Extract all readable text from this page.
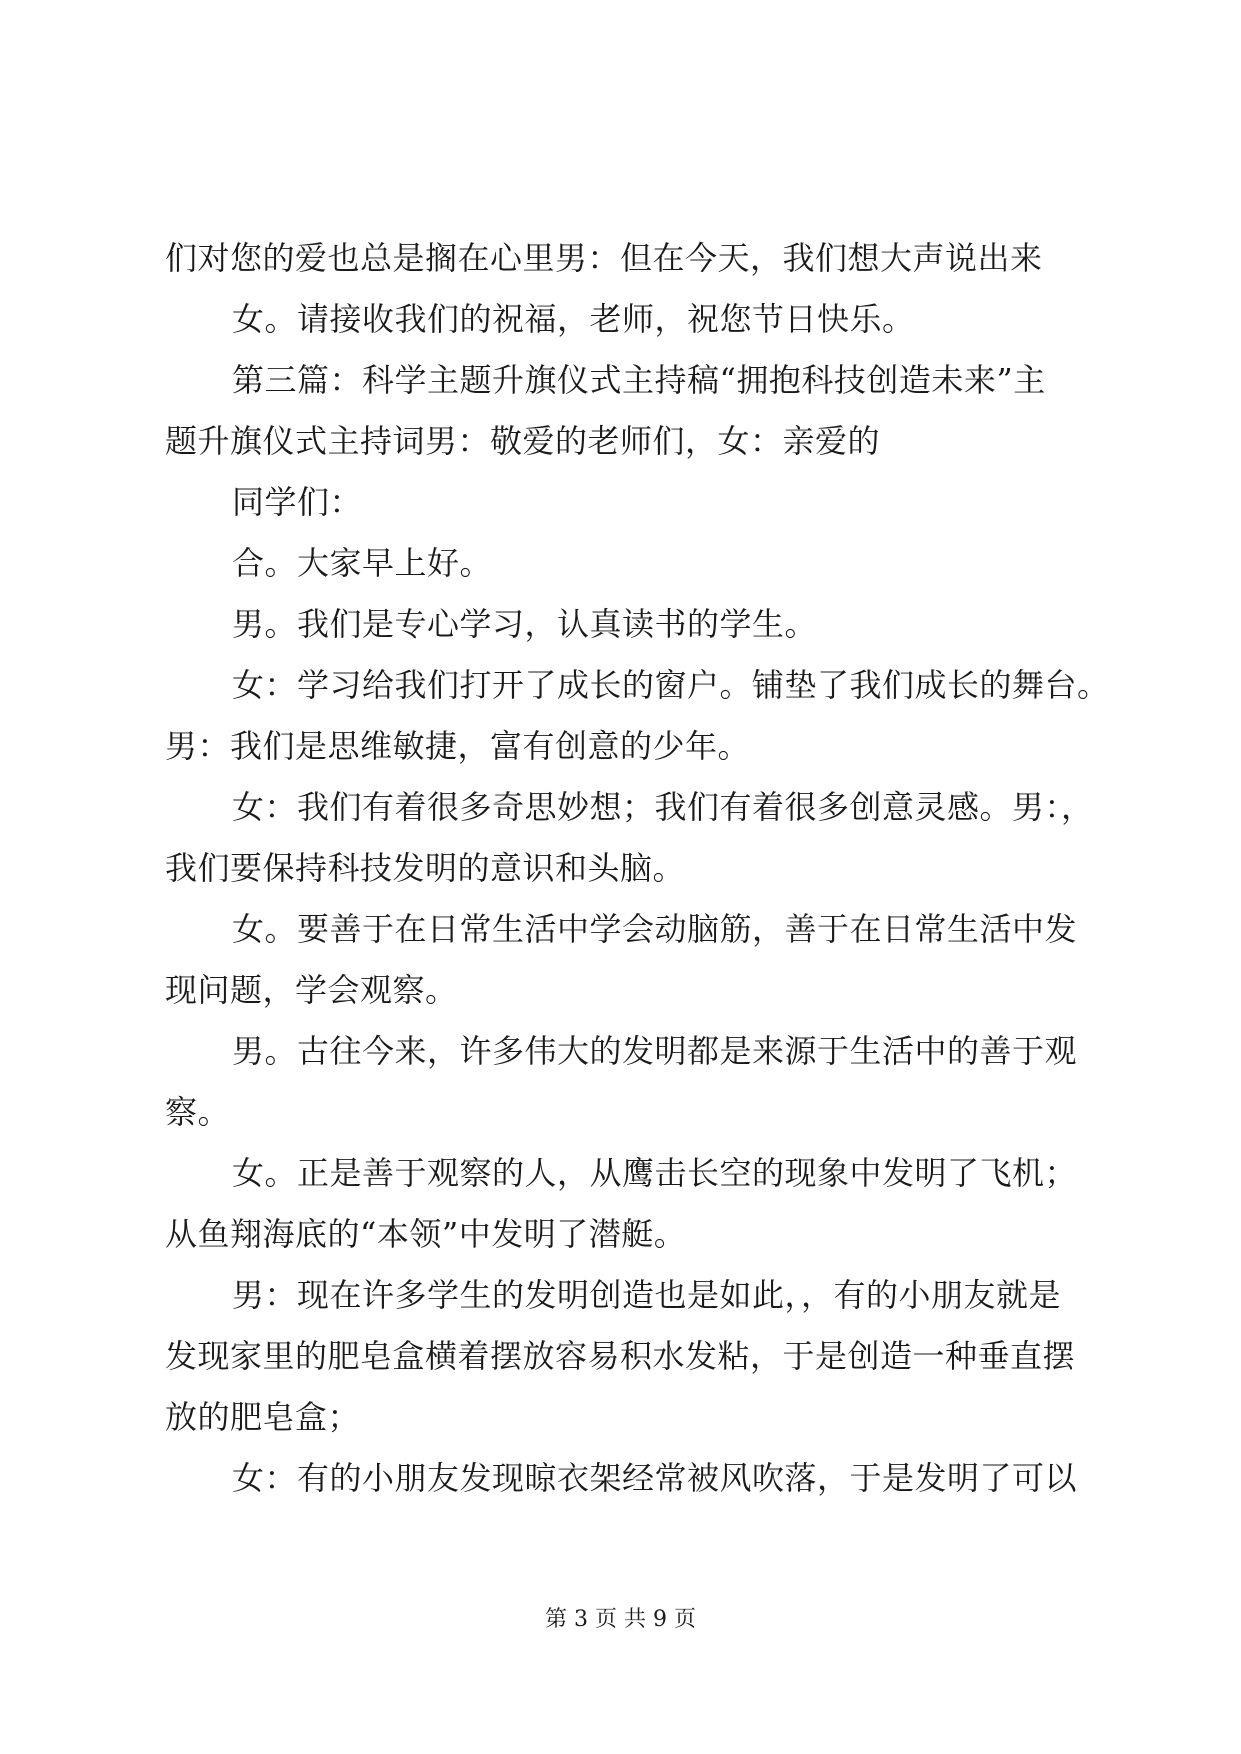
们对您的爱也总是搁在心里男：但在今天，我们想大声说出来
女。请接收我们的祝福，老师，祝您节日快乐。
第三篇：科学主题升旗仪式主持稿“拥抱科技创造未来”主
题升旗仪式主持词男：敬爱的老师们，女：亲爱的
同学们：
合。大家早上好。
男。我们是专心学习，认真读书的学生。
女：学习给我们打开了成长的窗户。铺垫了我们成长的舞台。
男：我们是思维敏捷，富有创意的少年。
女：我们有着很多奇思妙想；我们有着很多创意灵感。男：，
我们要保持科技发明的意识和头脑。
女。要善于在日常生活中学会动脑筋，善于在日常生活中发
现问题，学会观察。
男。古往今来，许多伟大的发明都是来源于生活中的善于观
察。
女。正是善于观察的人，从鹰击长空的现象中发明了飞机；
从鱼翔海底的“本领”中发明了潜艇。
男：现在许多学生的发明创造也是如此，，有的小朋友就是
发现家里的肥皂盒横着摆放容易积水发粘，于是创造一种垂直摆
放的肥皂盒；
女：有的小朋友发现晾衣架经常被风吹落，于是发明了可以
第 3 页 共 9 页
